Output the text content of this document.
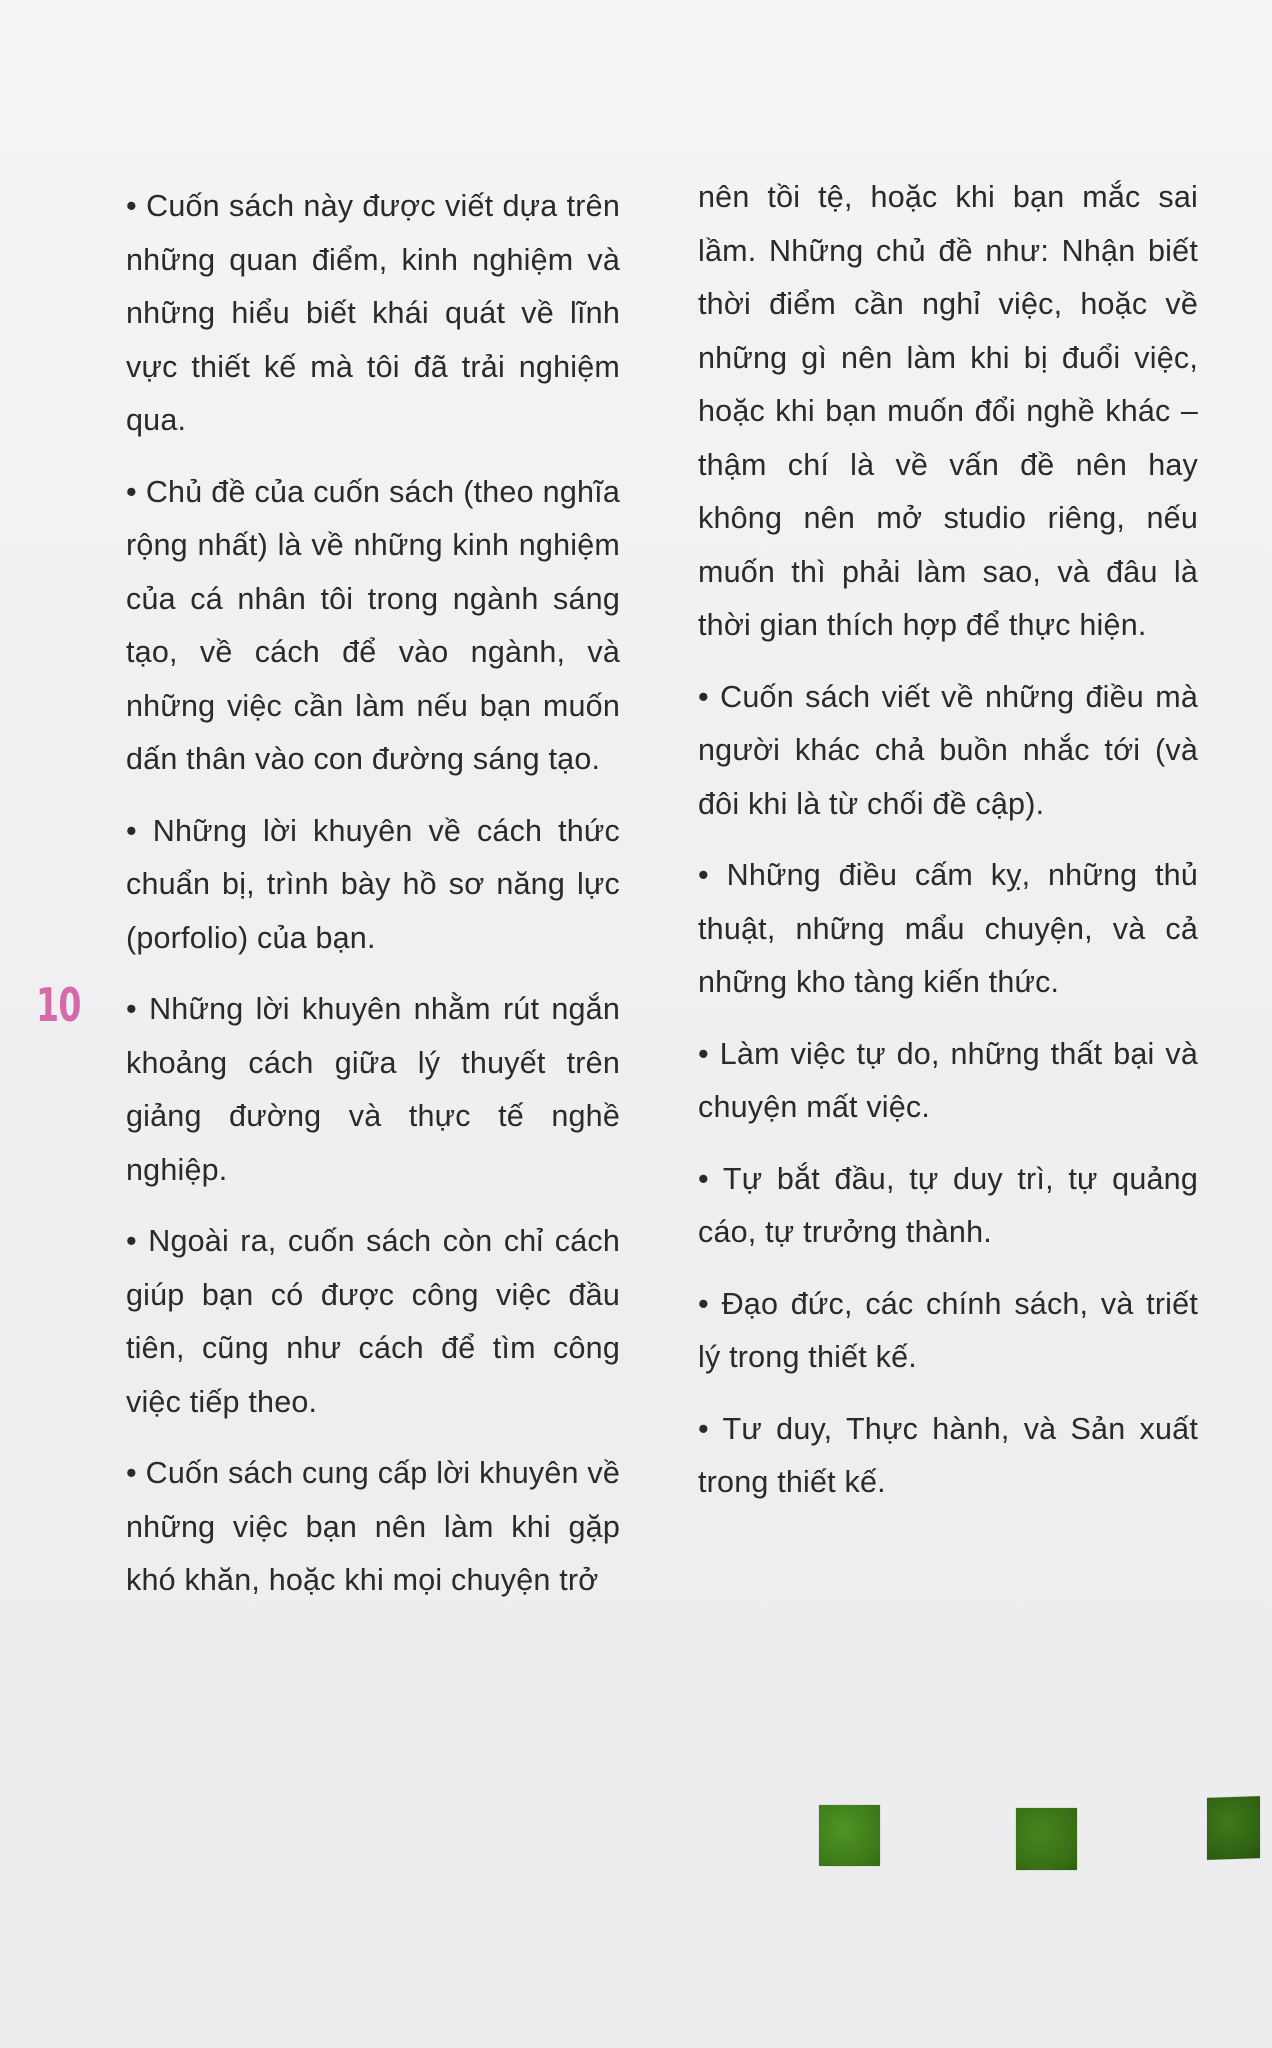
10

• Cuốn sách này được viết dựa trên những quan điểm, kinh nghiệm và những hiểu biết khái quát về lĩnh vực thiết kế mà tôi đã trải nghiệm qua.

• Chủ đề của cuốn sách (theo nghĩa rộng nhất) là về những kinh nghiệm của cá nhân tôi trong ngành sáng tạo, về cách để vào ngành, và những việc cần làm nếu bạn muốn dấn thân vào con đường sáng tạo.

• Những lời khuyên về cách thức chuẩn bị, trình bày hồ sơ năng lực (porfolio) của bạn.

• Những lời khuyên nhằm rút ngắn khoảng cách giữa lý thuyết trên giảng đường và thực tế nghề nghiệp.

• Ngoài ra, cuốn sách còn chỉ cách giúp bạn có được công việc đầu tiên, cũng như cách để tìm công việc tiếp theo.

• Cuốn sách cung cấp lời khuyên về những việc bạn nên làm khi gặp khó khăn, hoặc khi mọi chuyện trở

nên tồi tệ, hoặc khi bạn mắc sai lầm. Những chủ đề như: Nhận biết thời điểm cần nghỉ việc, hoặc về những gì nên làm khi bị đuổi việc, hoặc khi bạn muốn đổi nghề khác – thậm chí là về vấn đề nên hay không nên mở studio riêng, nếu muốn thì phải làm sao, và đâu là thời gian thích hợp để thực hiện.

• Cuốn sách viết về những điều mà người khác chả buồn nhắc tới (và đôi khi là từ chối đề cập).

• Những điều cấm kỵ, những thủ thuật, những mẩu chuyện, và cả những kho tàng kiến thức.

• Làm việc tự do, những thất bại và chuyện mất việc.

• Tự bắt đầu, tự duy trì, tự quảng cáo, tự trưởng thành.

• Đạo đức, các chính sách, và triết lý trong thiết kế.

• Tư duy, Thực hành, và Sản xuất trong thiết kế.
